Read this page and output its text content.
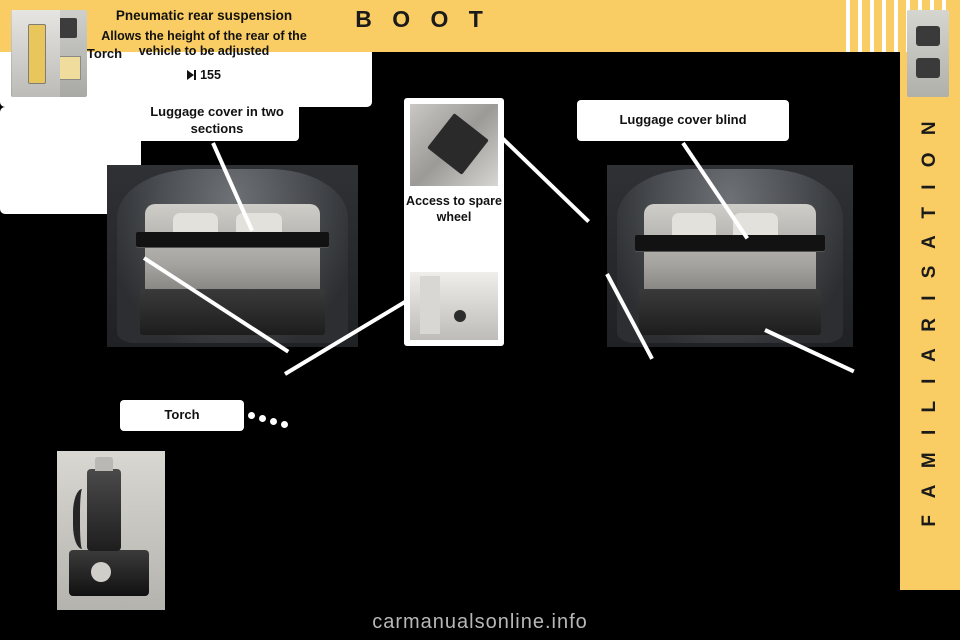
B O O T
F A M I L I A R I S A T I O N
Luggage cover in two sections
Luggage cover blind
Access to spare wheel
Pneumatic rear suspension
Allows the height of the rear of the vehicle to be adjusted
155
Torch
Torch
carmanualsonline.info
